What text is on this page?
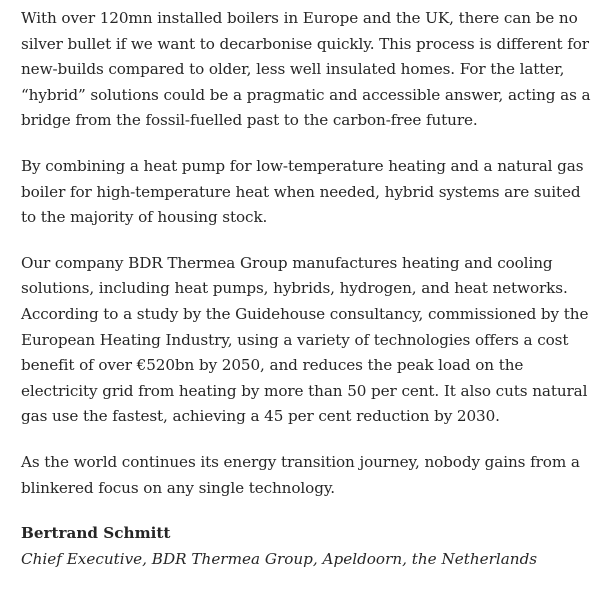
With over 120mn installed boilers in Europe and the UK, there can be no silver bullet if we want to decarbonise quickly. This process is different for new-builds compared to older, less well insulated homes. For the latter, “hybrid” solutions could be a pragmatic and accessible answer, acting as a bridge from the fossil-fuelled past to the carbon-free future.

By combining a heat pump for low-temperature heating and a natural gas boiler for high-temperature heat when needed, hybrid systems are suited to the majority of housing stock.

Our company BDR Thermea Group manufactures heating and cooling solutions, including heat pumps, hybrids, hydrogen, and heat networks. According to a study by the Guidehouse consultancy, commissioned by the European Heating Industry, using a variety of technologies offers a cost benefit of over €520bn by 2050, and reduces the peak load on the electricity grid from heating by more than 50 per cent. It also cuts natural gas use the fastest, achieving a 45 per cent reduction by 2030.

As the world continues its energy transition journey, nobody gains from a blinkered focus on any single technology.

Bertrand Schmitt
Chief Executive, BDR Thermea Group, Apeldoorn, the Netherlands
